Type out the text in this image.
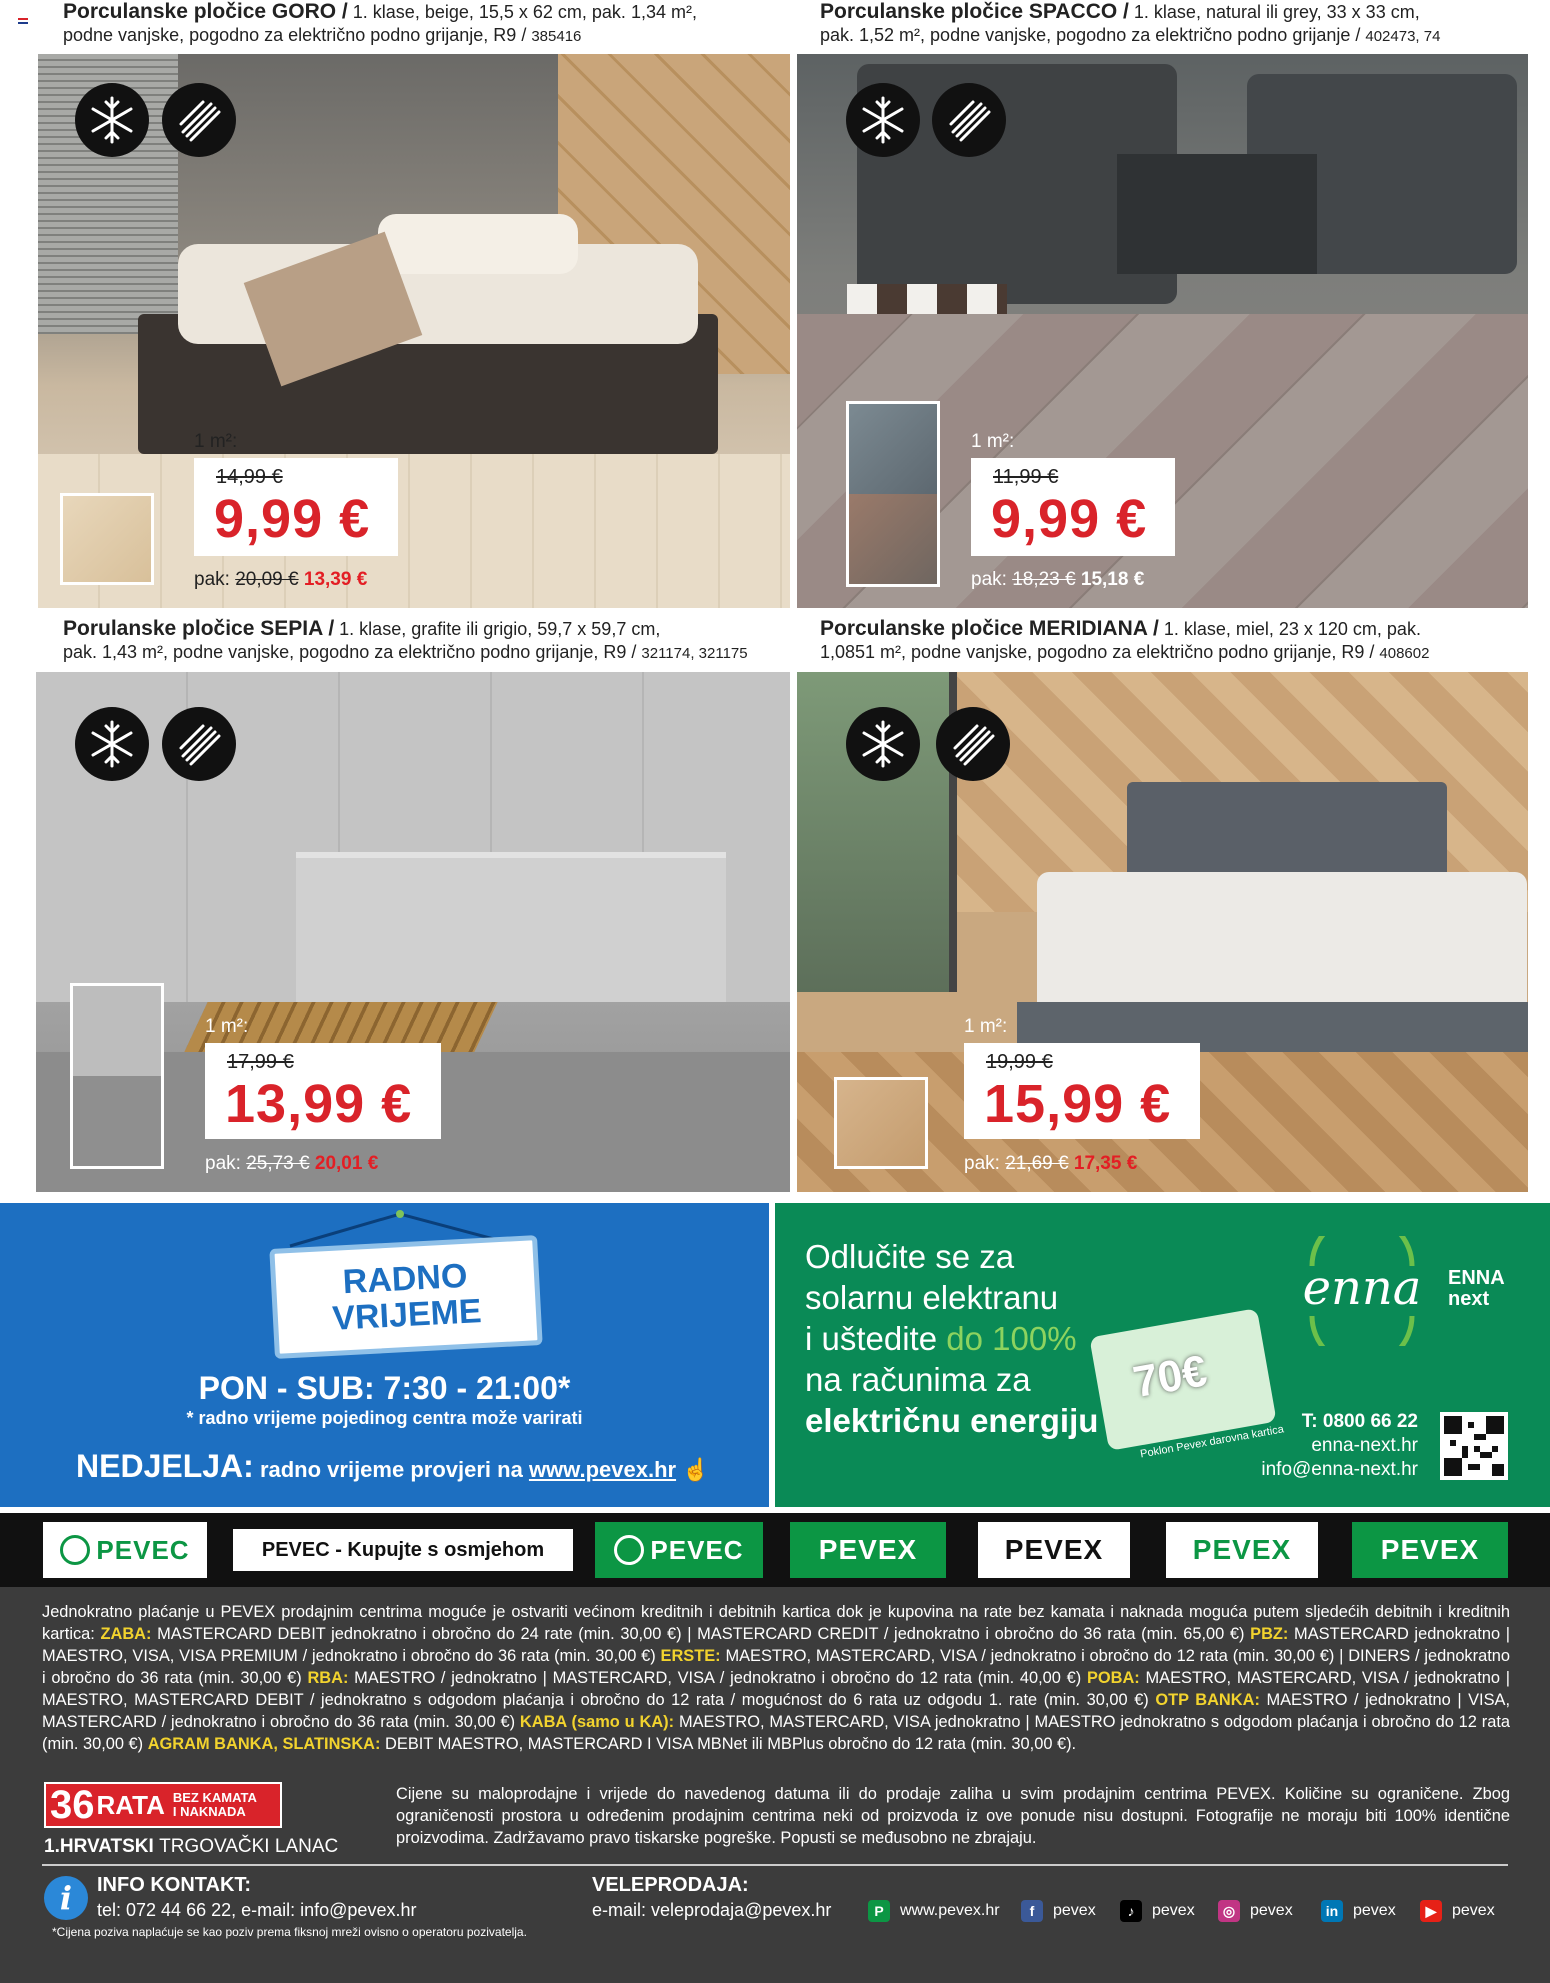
Porculanske pločice GORO / 1. klase, beige, 15,5 x 62 cm, pak. 1,34 m²,
podne vanjske, pogodno za električno podno grijanje, R9 / 385416
Porculanske pločice SPACCO / 1. klase, natural ili grey, 33 x 33 cm,
pak. 1,52 m², podne vanjske, pogodno za električno podno grijanje / 402473, 74
1 m²:
14,99 €
9,99 €
pak: 20,09 € 13,39 €
1 m²:
11,99 €
9,99 €
pak: 18,23 € 15,18 €
Porulanske pločice SEPIA / 1. klase, grafite ili grigio, 59,7 x 59,7 cm,
pak. 1,43 m², podne vanjske, pogodno za električno podno grijanje, R9 / 321174, 321175
Porculanske pločice MERIDIANA / 1. klase, miel, 23 x 120 cm, pak.
1,0851 m², podne vanjske, pogodno za električno podno grijanje, R9 / 408602
1 m²:
17,99 €
13,99 €
pak: 25,73 € 20,01 €
1 m²:
19,99 €
15,99 €
pak: 21,69 € 17,35 €
RADNO
VRIJEME
PON - SUB: 7:30 - 21:00*
* radno vrijeme pojedinog centra može varirati
NEDJELJA: radno vrijeme provjeri na www.pevex.hr ☝
Odlučite se za
solarnu elektranu
i uštedite do 100%
na računima za
električnu energiju
70€
Poklon Pevex darovna kartica
enna ENNA
next
T: 0800 66 22
enna-next.hr
info@enna-next.hr
PEVEC	PEVEC - Kupujte s osmjehom	PEVEC	PEVEX	PEVEX	PEVEX	PEVEX
Jednokratno plaćanje u PEVEX prodajnim centrima moguće je ostvariti većinom kreditnih i debitnih kartica dok je kupovina na rate bez kamata i naknada moguća putem sljedećih debitnih i kreditnih kartica: ZABA: MASTERCARD DEBIT jednokratno i obročno do 24 rate (min. 30,00 €) | MASTERCARD CREDIT / jednokratno i obročno do 36 rata (min. 65,00 €) PBZ: MASTERCARD jednokratno | MAESTRO, VISA, VISA PREMIUM / jednokratno i obročno do 36 rata (min. 30,00 €) ERSTE: MAESTRO, MASTERCARD, VISA / jednokratno i obročno do 12 rata (min. 30,00 €) | DINERS / jednokratno i obročno do 36 rata (min. 30,00 €) RBA: MAESTRO / jednokratno | MASTERCARD, VISA / jednokratno i obročno do 12 rata (min. 40,00 €) POBA: MAESTRO, MASTERCARD, VISA / jednokratno | MAESTRO, MASTERCARD DEBIT / jednokratno s odgodom plaćanja i obročno do 12 rata / mogućnost do 6 rata uz odgodu 1. rate (min. 30,00 €) OTP BANKA: MAESTRO / jednokratno | VISA, MASTERCARD / jednokratno i obročno do 36 rata (min. 30,00 €) KABA (samo u KA): MAESTRO, MASTERCARD, VISA jednokratno | MAESTRO jednokratno s odgodom plaćanja i obročno do 12 rata (min. 30,00 €) AGRAM BANKA, SLATINSKA: DEBIT MAESTRO, MASTERCARD I VISA MBNet ili MBPlus obročno do 12 rata (min. 30,00 €).
36 RATA BEZ KAMATA
I NAKNADA
1.HRVATSKI TRGOVAČKI LANAC
Cijene su maloprodajne i vrijede do navedenog datuma ili do prodaje zaliha u svim prodajnim centrima PEVEX. Količine su ograničene. Zbog ograničenosti prostora u određenim prodajnim centrima neki od proizvoda iz ove ponude nisu dostupni. Fotografije ne moraju biti 100% identične proizvodima. Zadržavamo pravo tiskarske pogreške. Popusti se međusobno ne zbrajaju.
i	INFO KONTAKT:
tel: 072 44 66 22, e-mail: info@pevex.hr
*Cijena poziva naplaćuje se kao poziv prema fiksnoj mreži ovisno o operatoru pozivatelja.
VELEPRODAJA:
e-mail: veleprodaja@pevex.hr	P	www.pevex.hr	f	pevex	♪	pevex	◎ pevex	in pevex	▶ pevex
